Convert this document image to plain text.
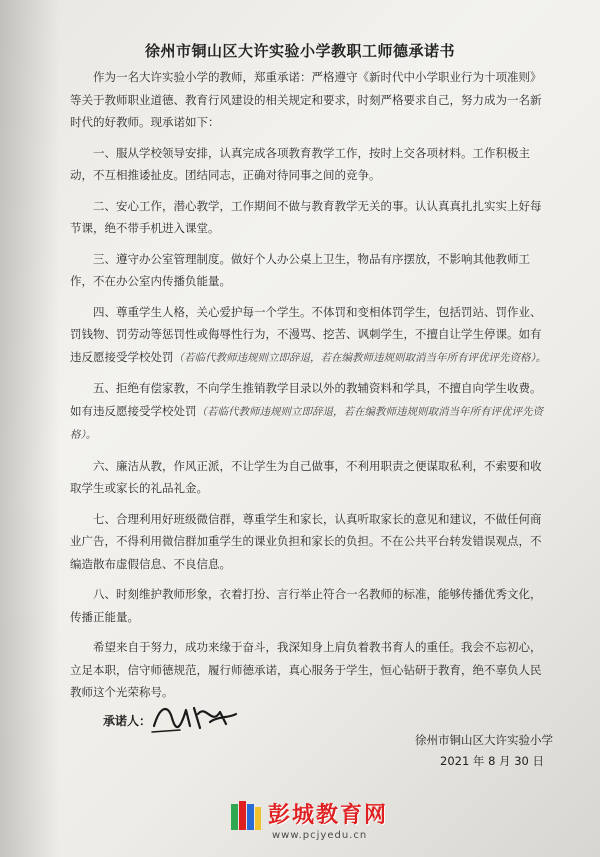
徐州市铜山区大许实验小学教职工师德承诺书

作为一名大许实验小学的教师，郑重承诺：严格遵守《新时代中小学职业行为十项准则》等关于教师职业道德、教育行风建设的相关规定和要求，时刻严格要求自己，努力成为一名新时代的好教师。现承诺如下：

一、服从学校领导安排，认真完成各项教育教学工作，按时上交各项材料。工作积极主动，不互相推诿扯皮。团结同志，正确对待同事之间的竞争。

二、安心工作，潜心教学，工作期间不做与教育教学无关的事。认认真真扎扎实实上好每节课，绝不带手机进入课堂。

三、遵守办公室管理制度。做好个人办公桌上卫生，物品有序摆放，不影响其他教师工作，不在办公室内传播负能量。

四、尊重学生人格，关心爱护每一个学生。不体罚和变相体罚学生，包括罚站、罚作业、罚钱物、罚劳动等惩罚性或侮辱性行为，不漫骂、挖苦、讽刺学生，不擅自让学生停课。如有违反愿接受学校处罚（若临代教师违规则立即辞退，若在编教师违规则取消当年所有评优评先资格）。

五、拒绝有偿家教，不向学生推销教学目录以外的教辅资料和学具，不擅自向学生收费。如有违反愿接受学校处罚（若临代教师违规则立即辞退，若在编教师违规则取消当年所有评优评先资格）。

六、廉洁从教，作风正派，不让学生为自己做事，不利用职责之便谋取私利，不索要和收取学生或家长的礼品礼金。

七、合理利用好班级微信群，尊重学生和家长，认真听取家长的意见和建议，不做任何商业广告，不得利用微信群加重学生的课业负担和家长的负担。不在公共平台转发错误观点，不编造散布虚假信息、不良信息。

八、时刻维护教师形象，衣着打扮、言行举止符合一名教师的标准，能够传播优秀文化，传播正能量。

希望来自于努力，成功来缘于奋斗，我深知身上肩负着教书育人的重任。我会不忘初心，立足本职，信守师德规范，履行师德承诺，真心服务于学生，恒心钻研于教育，绝不辜负人民教师这个光荣称号。

承诺人：
徐州市铜山区大许实验小学
2021 年 8 月 30 日
彭城教育网
www.pcjyedu.cn
